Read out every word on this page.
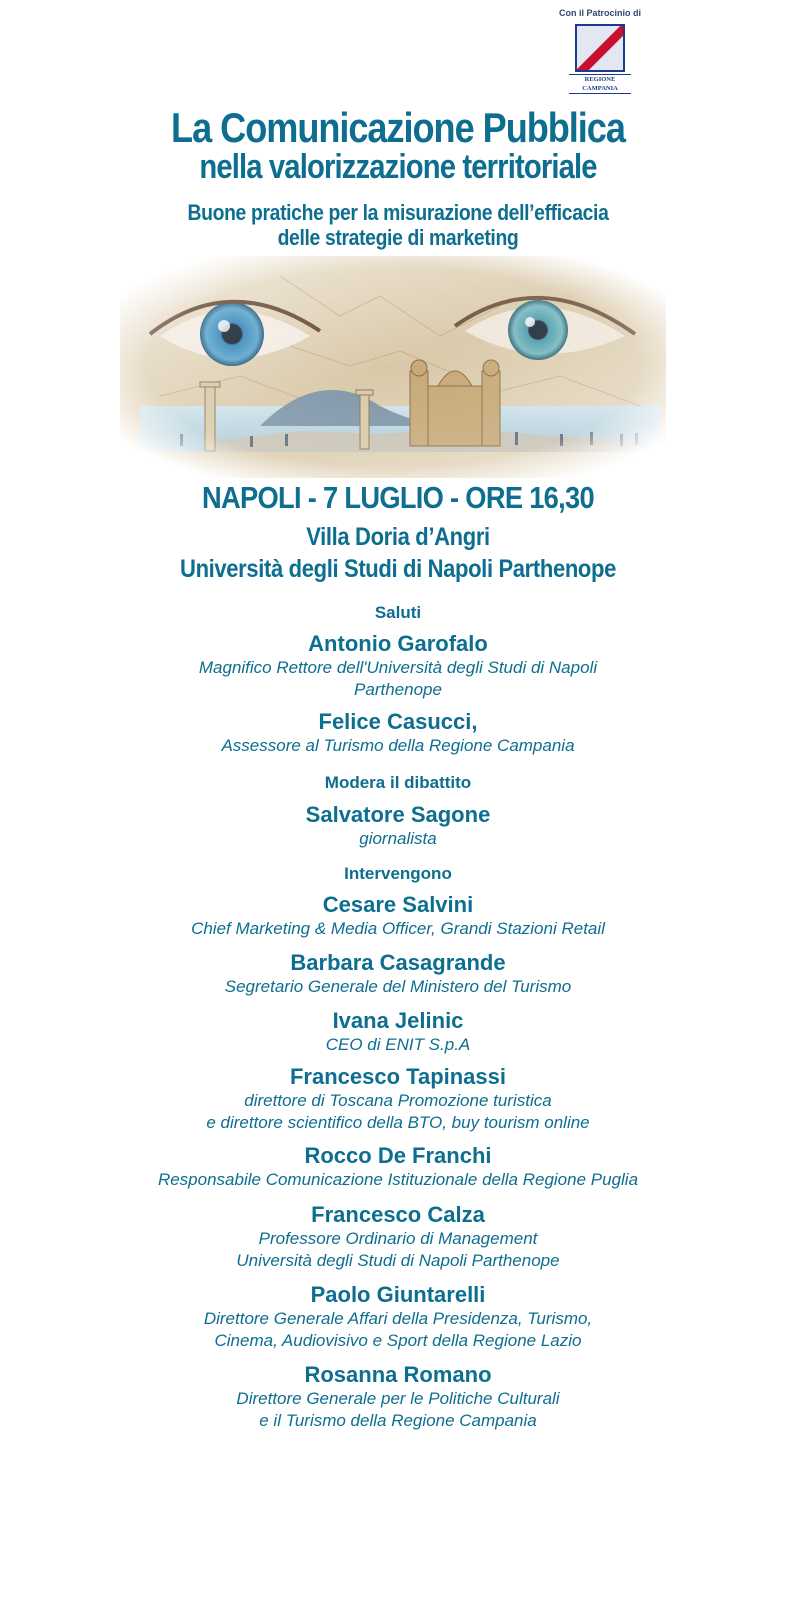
Con il Patrocinio di
REGIONE CAMPANIA
La Comunicazione Pubblica
nella valorizzazione territoriale
Buone pratiche per la misurazione dell’efficacia
delle strategie di marketing
NAPOLI - 7 LUGLIO - ORE 16,30
Villa Doria d’Angri
Università degli Studi di Napoli Parthenope
Saluti
Antonio Garofalo
Magnifico Rettore dell'Università degli Studi di Napoli
Parthenope
Felice Casucci,
Assessore al Turismo della Regione Campania
Modera il dibattito
Salvatore Sagone
giornalista
Intervengono
Cesare Salvini
Chief Marketing & Media Officer, Grandi Stazioni Retail
Barbara Casagrande
Segretario Generale del Ministero del Turismo
Ivana Jelinic
CEO di ENIT S.p.A
Francesco Tapinassi
direttore di Toscana Promozione turistica
e direttore scientifico della BTO, buy tourism online
Rocco De Franchi
Responsabile Comunicazione Istituzionale della Regione Puglia
Francesco Calza
Professore Ordinario di Management
Università degli Studi di Napoli Parthenope
Paolo Giuntarelli
Direttore Generale Affari della Presidenza, Turismo,
Cinema, Audiovisivo e Sport della Regione Lazio
Rosanna Romano
Direttore Generale per le Politiche Culturali
e il Turismo della Regione Campania
